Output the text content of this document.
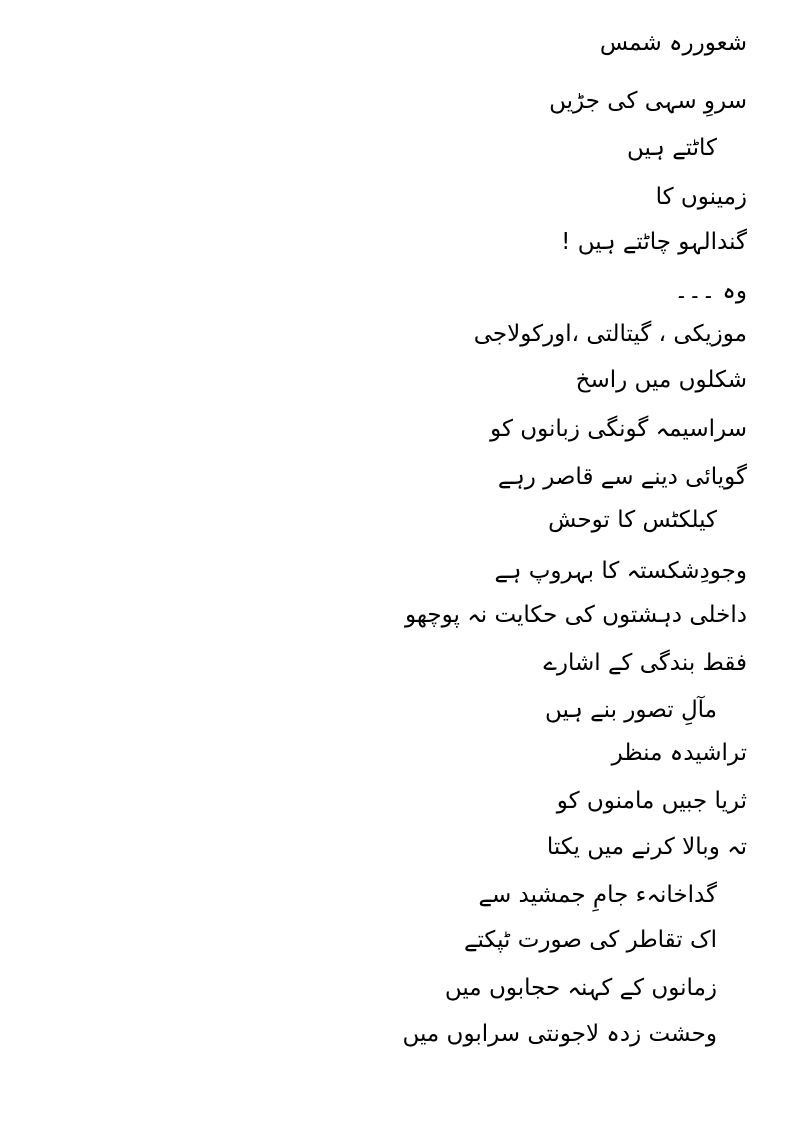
شعوررہ شمس
سروِ سہی کی جڑیں
کاٹتے ہیں
زمینوں کا
گندالہو چاٹتے ہیں !
وہ ۔۔۔
موزیکی ، گیتالتی ،اورکولاجی
شکلوں میں راسخ
سراسیمہ گونگی زبانوں کو
گویائی دینے سے قاصر رہے
کیلکٹس کا توحش
وجودِشکستہ کا بہروپ ہے
داخلی دہشتوں کی حکایت نہ پوچھو
فقط بندگی کے اشارے
مآلِ تصور بنے ہیں
تراشیدہ منظر
ثریا جبیں مامنوں کو
تہ وبالا کرنے میں یکتا
گداخانہء جامِ جمشید سے
اک تقاطر کی صورت ٹپکتے
زمانوں کے کہنہ حجابوں میں
وحشت زدہ لاجونتی سرابوں میں
